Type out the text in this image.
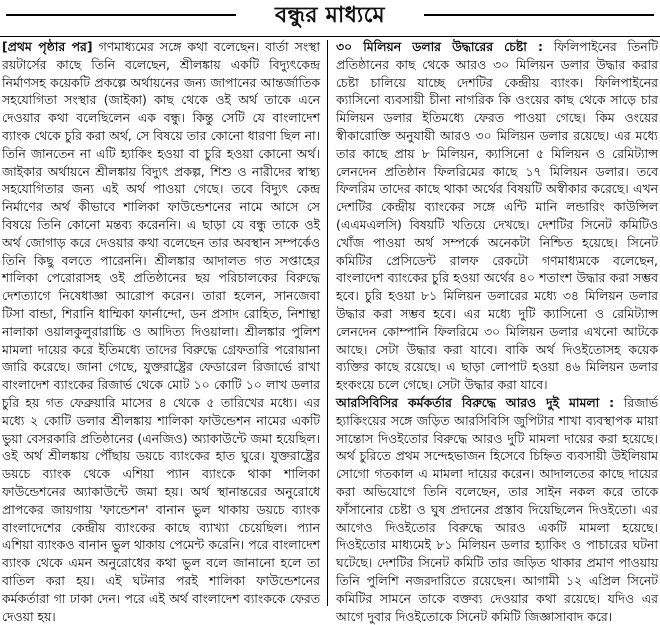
বন্ধুর মাধ্যমে

[প্রথম পৃষ্ঠার পর] গণমাধ্যমের সঙ্গে কথা বলেছেন। বার্তা সংস্থা রয়টার্সের কাছে তিনি বলেছেন, শ্রীলঙ্কায় একটি বিদ্যুৎকেন্দ্র নির্মাণসহ কয়েকটি প্রকল্পে অর্থায়নের জন্য জাপানের আন্তর্জাতিক সহযোগিতা সংস্থার (জাইকা) কাছ থেকে ওই অর্থ তাকে এনে দেওয়ার কথা বলেছিলেন এক বন্ধু। কিন্তু সেটি যে বাংলাদেশ ব্যাংক থেকে চুরি করা অর্থ, সে বিষয়ে তার কোনো ধারণা ছিল না। তিনি জানতেন না এটি হ্যাকিং হওয়া বা চুরি হওয়া কোনো অর্থ। জাইকার অর্থায়নে শ্রীলঙ্কায় বিদ্যুৎ প্রকল্প, শিশু ও নারীদের স্বাস্থ্য সহযোগিতার জন্য এই অর্থ পাওয়া গেছে। তবে বিদ্যুৎ কেন্দ্র নির্মাণের অর্থ কীভাবে শালিকা ফাউন্ডেশনের নামে আসে সে বিষয়ে তিনি কোনো মন্তব্য করেননি। এ ছাড়া যে বন্ধু তাকে ওই অর্থ জোগাড় করে দেওয়ার কথা বলেছেন তার অবস্থান সম্পর্কেও তিনি কিছু বলতে পারেননি। শ্রীলঙ্কার আদালত গত সপ্তাহের শালিকা পেরোরাসহ ওই প্রতিষ্ঠানের ছয় পরিচালকের বিরুদ্ধে দেশত্যাগে নিষেধাজ্ঞা আরোপ করেন। তারা হলেন, সানজেবা টিসা বান্ডা, শিরানি ধাম্মিকা ফার্নান্দো, ডন প্রসাদ রোহিত, নিশান্থা নালাকা ওয়ালকুলুরারাচ্চি ও আদিত্য দিওয়ালা। শ্রীলঙ্কার পুলিশ মামলা দায়ের করে ইতিমধ্যে তাদের বিরুদ্ধে গ্রেফতারি পরোয়ানা জারি করেছে। জানা গেছে, যুক্তরাষ্ট্রের ফেডারেল রিজার্ভে রাখা বাংলাদেশ ব্যাংকের রিজার্ভ থেকে মোট ১০ কোটি ১০ লাখ ডলার চুরি হয় গত ফেব্রুয়ারি মাসের ৪ থেকে ৫ তারিখের মধ্যে। এর মধ্যে ২ কোটি ডলার শ্রীলঙ্কায় শালিকা ফাউন্ডেশন নামের একটি ভুয়া বেসরকারি প্রতিষ্ঠানের (এনজিও) অ্যাকাউন্টে জমা হয়েছিল। ওই অর্থ শ্রীলঙ্কায় পৌঁছায় ডয়চে ব্যাংকের হাত ঘুরে। যুক্তরাষ্ট্রের ডয়চে ব্যাংক থেকে এশিয়া প্যান ব্যাংকে থাকা শালিকা ফাউন্ডেশনের অ্যাকাউন্টে জমা হয়। অর্থ স্থানান্তরের অনুরোধে প্রাপকের জায়গায় 'ফান্ডেশন' বানান ভুল থাকায় ডয়চে ব্যাংক বাংলাদেশের কেন্দ্রীয় ব্যাংকের কাছে ব্যাখ্যা চেয়েছিল। প্যান এশিয়া ব্যাংকও বানান ভুল থাকায় পেমেন্ট করেনি। পরে বাংলাদেশ ব্যাংক থেকে এমন অনুরোধের কথা ভুল বলে জানানো হলে তা বাতিল করা হয়। এই ঘটনার পরই শালিকা ফাউন্ডেশনের কর্মকর্তারা গা ঢাকা দেন। পরে এই অর্থ বাংলাদেশ ব্যাংককে ফেরত দেওয়া হয়।

৩০ মিলিয়ন ডলার উদ্ধারের চেষ্টা : ফিলিপাইনের তিনটি প্রতিষ্ঠানের কাছ থেকে আরও ৩০ মিলিয়ন ডলার উদ্ধার করার চেষ্টা চালিয়ে যাচ্ছে দেশটির কেন্দ্রীয় ব্যাংক। ফিলিপাইনের ক্যাসিনো ব্যবসায়ী চীনা নাগরিক কি ওংয়ের কাছ থেকে সাড়ে চার মিলিয়ন ডলার ইতিমধ্যে ফেরত পাওয়া গেছে। কিম ওংয়ের স্বীকারোক্তি অনুযায়ী আরও ৩০ মিলিয়ন ডলার রয়েছে। এর মধ্যে তার কাছে প্রায় ৮ মিলিয়ন, ক্যাসিনো ৫ মিলিয়ন ও রেমিট্যান্স লেনদেন প্রতিষ্ঠান ফিলরিমের কাছে ১৭ মিলিয়ন ডলার। তবে ফিলরিম তাদের কাছে থাকা অর্থের বিষয়টি অস্বীকার করেছে। এখন দেশটির কেন্দ্রীয় ব্যাংকের সঙ্গে এন্টি মানি লন্ডারিং কাউন্সিল (এএমএলসি) বিষয়টি খতিয়ে দেখছে। দেশটির সিনেট কমিটিও খোঁজ পাওয়া অর্থ সম্পর্কে অনেকটা নিশ্চিত হয়েছে। সিনেট কমিটির প্রেসিডেন্ট রালফ রেকটো গণমাধ্যমকে বলেছেন, বাংলাদেশ ব্যাংকের চুরি হওয়া অর্থের ৪০ শতাংশ উদ্ধার করা সম্ভব হবে। চুরি হওয়া ৮১ মিলিয়ন ডলারের মধ্যে ৩৪ মিলিয়ন ডলার উদ্ধার করা সম্ভব হবে। এর মধ্যে দুটি ক্যাসিনো ও রেমিট্যান্স লেনদেন কোম্পানি ফিলরিমে ৩০ মিলিয়ন ডলার এখনো আটকে আছে। সেটা উদ্ধার করা যাবে। বাকি অর্থ দিওইতোসহ কয়েক ব্যক্তির কাছে রয়েছে। এ ছাড়া লোপাট হওয়া ৪৬ মিলিয়ন ডলার হংকংয়ে চলে গেছে। সেটা উদ্ধার করা যাবে।

আরসিবিসির কর্মকর্তার বিরুদ্ধে আরও দুই মামলা : রিজার্ভ হ্যাকিংয়ের সঙ্গে জড়িত আরসিবিসি জুপিটার শাখা ব্যবস্থাপক মায়া সান্তোস দিওইতোর বিরুদ্ধে আরও দুটি মামলা দায়ের করা হয়েছে। অর্থ চুরিতে প্রথম সন্দেহভাজন হিসেবে চিহ্নিত ব্যবসায়ী উইলিয়াম সোগো গতকাল এ মামলা দায়ের করেন। আদালতের কাছে দায়ের করা অভিযোগে তিনি বলেছেন, তার সাইন নকল করে তাকে ফাঁসানোর চেষ্টা ও ঘুষ প্রদানের প্রস্তাব দিয়েছিলেন দিওইতো। এর আগেও দিওইতোর বিরুদ্ধে আরও একটি মামলা হয়েছে। দিওইতোর মাধ্যমেই ৮১ মিলিয়ন ডলার হ্যাকিং ও পাচারের ঘটনা ঘটেছে। দেশটির সিনেট কমিটি তার জড়িত থাকার প্রমাণ পাওয়ায় তিনি পুলিশি নজরদারিতে রয়েছেন। আগামী ১২ এপ্রিল সিনেট কমিটির সামনে তাকে বক্তব্য দেওয়ার কথা রয়েছে। যদিও এর আগে দুবার দিওইতোকে সিনেট কমিটি জিজ্ঞাসাবাদ করে।
